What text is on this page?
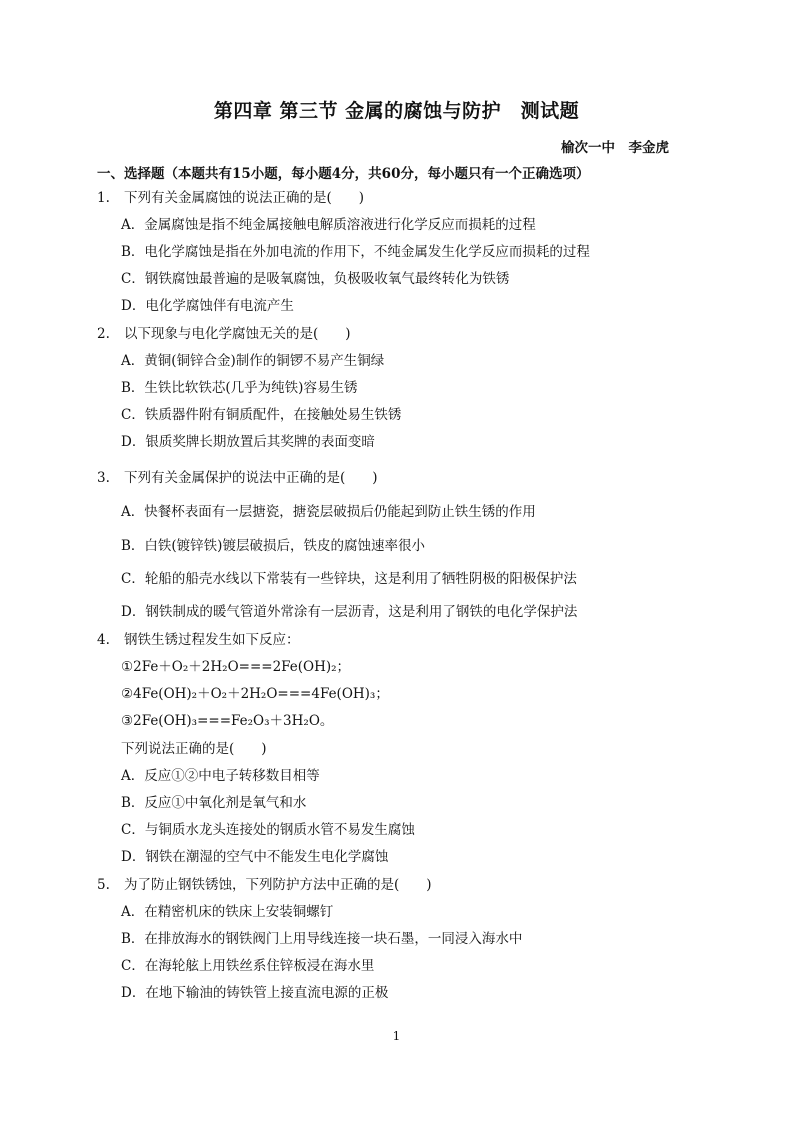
第四章 第三节 金属的腐蚀与防护　测试题
榆次一中　李金虎
一、选择题（本题共有15小题，每小题4分，共60分，每小题只有一个正确选项）
1. 下列有关金属腐蚀的说法正确的是(　　)
A．金属腐蚀是指不纯金属接触电解质溶液进行化学反应而损耗的过程
B．电化学腐蚀是指在外加电流的作用下，不纯金属发生化学反应而损耗的过程
C．钢铁腐蚀最普遍的是吸氧腐蚀，负极吸收氧气最终转化为铁锈
D．电化学腐蚀伴有电流产生
2. 以下现象与电化学腐蚀无关的是(　　)
A．黄铜(铜锌合金)制作的铜锣不易产生铜绿
B．生铁比软铁芯(几乎为纯铁)容易生锈
C．铁质器件附有铜质配件，在接触处易生铁锈
D．银质奖牌长期放置后其奖牌的表面变暗
3. 下列有关金属保护的说法中正确的是(　　)
A．快餐杯表面有一层搪瓷，搪瓷层破损后仍能起到防止铁生锈的作用
B．白铁(镀锌铁)镀层破损后，铁皮的腐蚀速率很小
C．轮船的船壳水线以下常装有一些锌块，这是利用了牺牲阴极的阳极保护法
D．钢铁制成的暖气管道外常涂有一层沥青，这是利用了钢铁的电化学保护法
4. 钢铁生锈过程发生如下反应：
①2Fe＋O₂＋2H₂O===2Fe(OH)₂；
②4Fe(OH)₂＋O₂＋2H₂O===4Fe(OH)₃；
③2Fe(OH)₃===Fe₂O₃＋3H₂O。
下列说法正确的是(　　)
A．反应①②中电子转移数目相等
B．反应①中氧化剂是氧气和水
C．与铜质水龙头连接处的钢质水管不易发生腐蚀
D．钢铁在潮湿的空气中不能发生电化学腐蚀
5. 为了防止钢铁锈蚀，下列防护方法中正确的是(　　)
A．在精密机床的铁床上安装铜螺钉
B．在排放海水的钢铁阀门上用导线连接一块石墨，一同浸入海水中
C．在海轮舷上用铁丝系住锌板浸在海水里
D．在地下输油的铸铁管上接直流电源的正极
1
